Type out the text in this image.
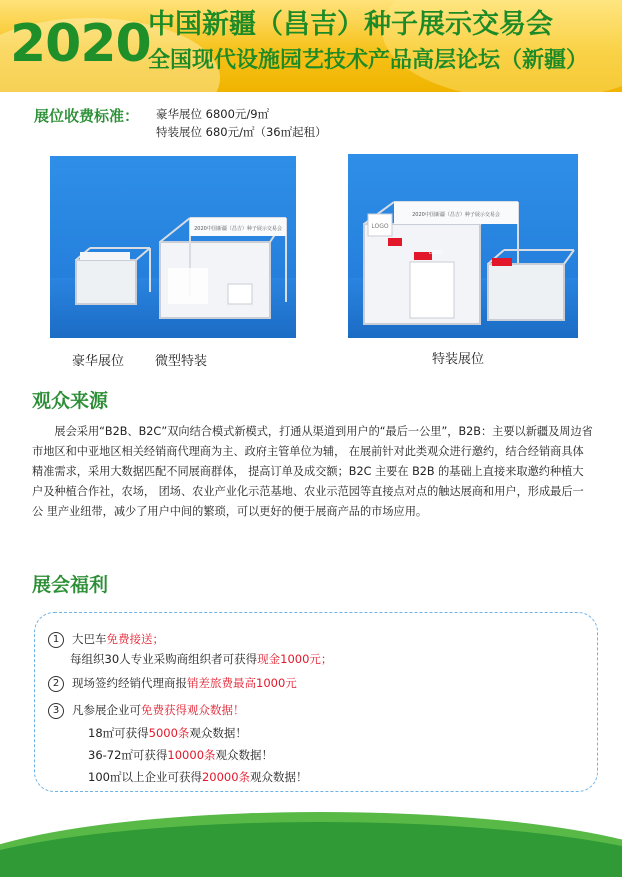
2020
中国新疆（昌吉）种子展示交易会
全国现代设施园艺技术产品高层论坛（新疆）
展位收费标准： 豪华展位 6800元/9㎡
特装展位 680元/㎡（36㎡起租）
2020中国新疆（昌吉）种子展示交易会
豪华展位 微型特装
2020中国新疆（昌吉）种子展示交易会
LOGO
LOGO
特装展位
观众来源
展会采用“B2B、B2C”双向结合模式新模式，打通从渠道到用户的“最后一公里”，B2B：主要以新疆及周边省市地区和中亚地区相关经销商代理商为主、政府主管单位为辅， 在展前针对此类观众进行邀约，结合经销商具体精准需求，采用大数据匹配不同展商群体， 提高订单及成交额；B2C 主要在 B2B 的基础上直接来取邀约种植大户及种植合作社，农场， 团场、农业产业化示范基地、农业示范园等直接点对点的触达展商和用户，形成最后一公 里产业纽带，减少了用户中间的繁琐，可以更好的便于展商产品的市场应用。
展会福利
1 大巴车免费接送；
每组织30人专业采购商组织者可获得现金1000元；
2 现场签约经销代理商报销差旅费最高1000元
3 凡参展企业可免费获得观众数据！
18㎡可获得5000条观众数据！
36-72㎡可获得10000条观众数据！
100㎡以上企业可获得20000条观众数据！
